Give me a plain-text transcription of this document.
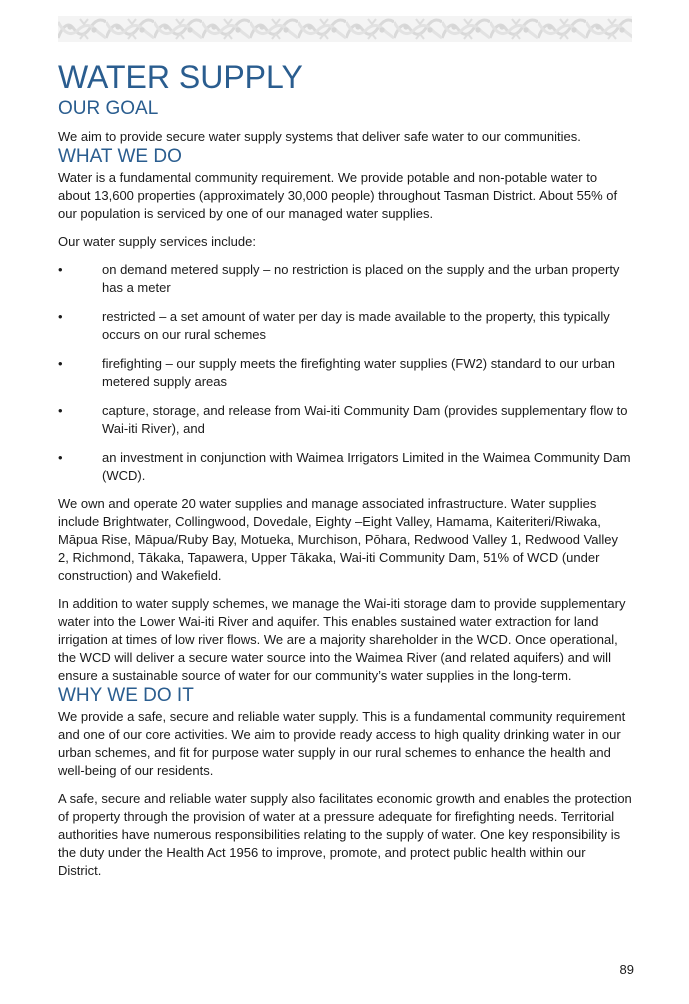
WATER SUPPLY
OUR GOAL

We aim to provide secure water supply systems that deliver safe water to our communities.

WHAT WE DO

Water is a fundamental community requirement. We provide potable and non-potable water to about 13,600 properties (approximately 30,000 people) throughout Tasman District. About 55% of our population is serviced by one of our managed water supplies.

Our water supply services include:

•	on demand metered supply – no restriction is placed on the supply and the urban property has a meter
•	restricted – a set amount of water per day is made available to the property, this typically occurs on our rural schemes
•	firefighting – our supply meets the firefighting water supplies (FW2) standard to our urban metered supply areas
•	capture, storage, and release from Wai-iti Community Dam (provides supplementary flow to Wai-iti River), and
•	an investment in conjunction with Waimea Irrigators Limited in the Waimea Community Dam (WCD).

We own and operate 20 water supplies and manage associated infrastructure. Water supplies include Brightwater, Collingwood, Dovedale, Eighty –Eight Valley, Hamama, Kaiteriteri/Riwaka, Māpua Rise, Māpua/Ruby Bay, Motueka, Murchison, Pōhara, Redwood Valley 1, Redwood Valley 2, Richmond, Tākaka, Tapawera, Upper Tākaka, Wai-iti Community Dam, 51% of WCD (under construction) and Wakefield.

In addition to water supply schemes, we manage the Wai-iti storage dam to provide supplementary water into the Lower Wai-iti River and aquifer. This enables sustained water extraction for land irrigation at times of low river flows. We are a majority shareholder in the WCD. Once operational, the WCD will deliver a secure water source into the Waimea River (and related aquifers) and will ensure a sustainable source of water for our community’s water supplies in the long-term.

WHY WE DO IT

We provide a safe, secure and reliable water supply. This is a fundamental community requirement and one of our core activities. We aim to provide ready access to high quality drinking water in our urban schemes, and fit for purpose water supply in our rural schemes to enhance the health and well-being of our residents.

A safe, secure and reliable water supply also facilitates economic growth and enables the protection of property through the provision of water at a pressure adequate for firefighting needs. Territorial authorities have numerous responsibilities relating to the supply of water. One key responsibility is the duty under the Health Act 1956 to improve, promote, and protect public health within our District.

89
